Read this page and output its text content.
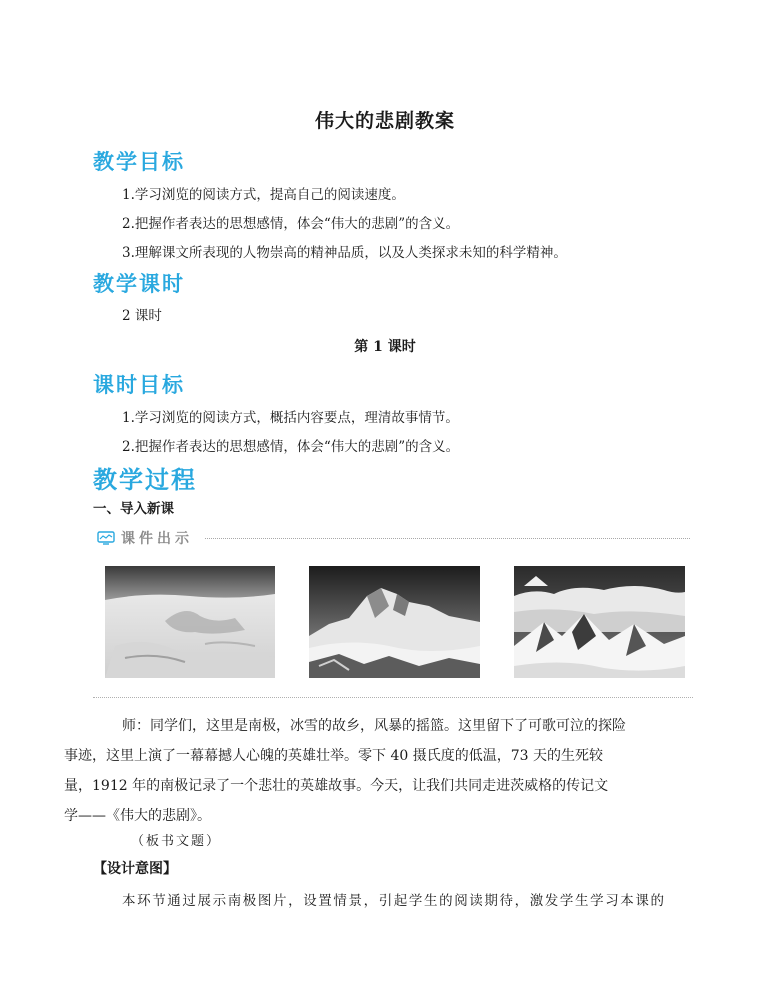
伟大的悲剧教案
教学目标
1.学习浏览的阅读方式，提高自己的阅读速度。
2.把握作者表达的思想感情，体会“伟大的悲剧”的含义。
3.理解课文所表现的人物崇高的精神品质，以及人类探求未知的科学精神。
教学课时
2 课时
第 1 课时
课时目标
1.学习浏览的阅读方式，概括内容要点，理清故事情节。
2.把握作者表达的思想感情，体会“伟大的悲剧”的含义。
教学过程
一、导入新课
课件出示
师：同学们，这里是南极，冰雪的故乡，风暴的摇篮。这里留下了可歌可泣的探险
事迹，这里上演了一幕幕撼人心魄的英雄壮举。零下 40 摄氏度的低温，73 天的生死较
量，1912 年的南极记录了一个悲壮的英雄故事。今天，让我们共同走进茨威格的传记文
学——《伟大的悲剧》。
（板书文题）
【设计意图】
本环节通过展示南极图片，设置情景，引起学生的阅读期待，激发学生学习本课的
